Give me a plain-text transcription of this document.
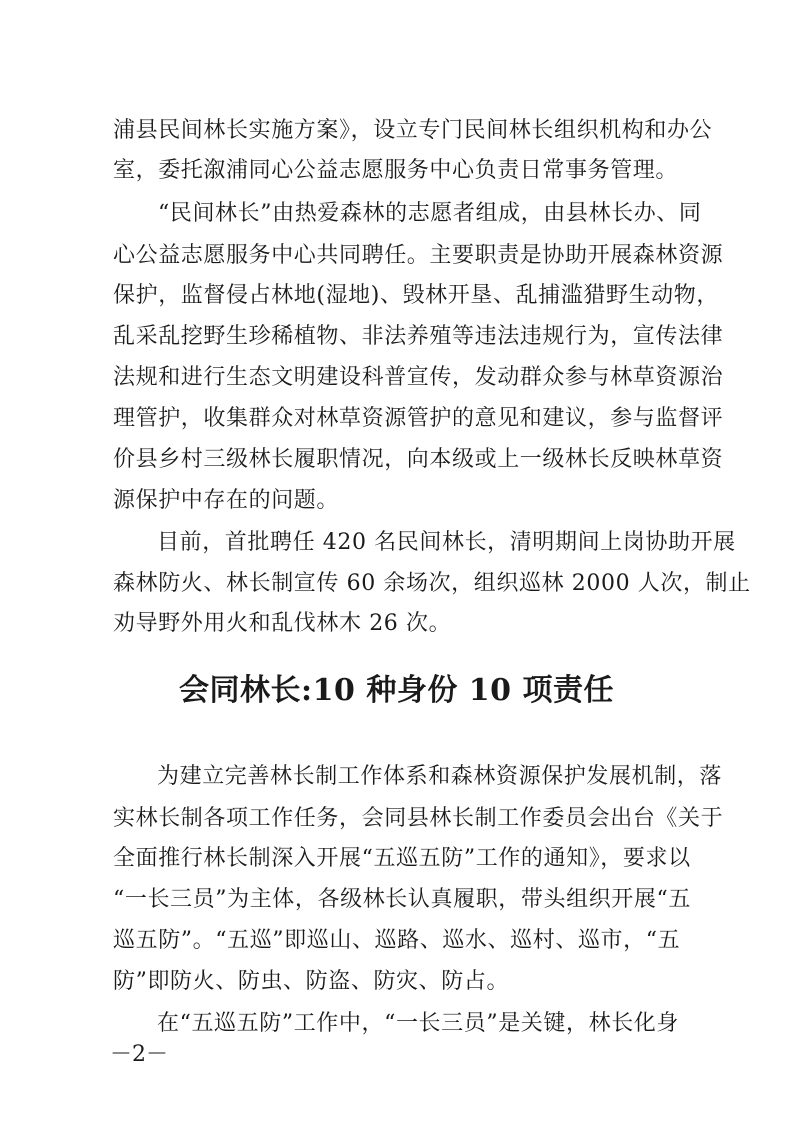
浦县民间林长实施方案》，设立专门民间林长组织机构和办公
室，委托溆浦同心公益志愿服务中心负责日常事务管理。
“民间林长”由热爱森林的志愿者组成，由县林长办、同
心公益志愿服务中心共同聘任。主要职责是协助开展森林资源
保护，监督侵占林地(湿地)、毁林开垦、乱捕滥猎野生动物，
乱采乱挖野生珍稀植物、非法养殖等违法违规行为，宣传法律
法规和进行生态文明建设科普宣传，发动群众参与林草资源治
理管护，收集群众对林草资源管护的意见和建议，参与监督评
价县乡村三级林长履职情况，向本级或上一级林长反映林草资
源保护中存在的问题。
目前，首批聘任 420 名民间林长，清明期间上岗协助开展
森林防火、林长制宣传 60 余场次，组织巡林 2000 人次，制止
劝导野外用火和乱伐林木 26 次。
会同林长:10 种身份 10 项责任
为建立完善林长制工作体系和森林资源保护发展机制，落
实林长制各项工作任务，会同县林长制工作委员会出台《关于
全面推行林长制深入开展“五巡五防”工作的通知》，要求以
“一长三员”为主体，各级林长认真履职，带头组织开展“五
巡五防”。“五巡”即巡山、巡路、巡水、巡村、巡市，“五
防”即防火、防虫、防盗、防灾、防占。
在“五巡五防”工作中，“一长三员”是关键，林长化身
－2－
